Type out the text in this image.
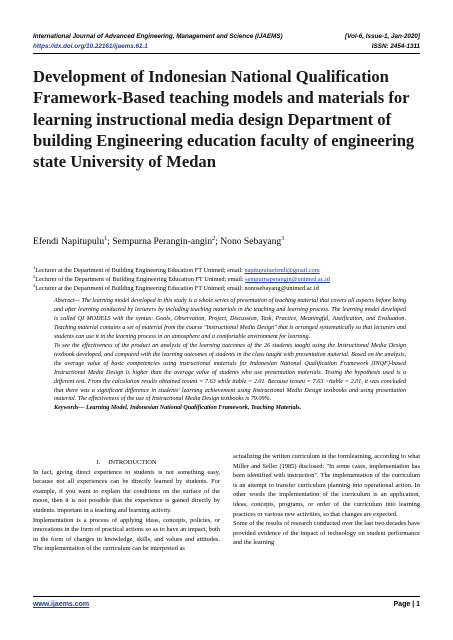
International Journal of Advanced Engineering, Management and Science (IJAEMS)	[Vol-6, Issue-1, Jan-2020]
https://dx.doi.org/10.22161/ijaems.61.1	ISSN: 2454-1311
Development of Indonesian National Qualification Framework-Based teaching models and materials for learning instructional media design Department of building Engineering education faculty of engineering state University of Medan
Efendi Napitupulu$^1$; Sempurna Perangin-angin$^2$; Nono Sebayang$^3$
$^1$Lecturer at the Department of Building Engineering Education FT Unimed; email: napitupuluefendi@gmail.com
$^2$Lecturer of the Department of Building Engineering Education FT Unimed; email: sempurnaperangin@unimed.ac.id
$^3$Lecturer at the Department of Building Engineering Education FT Unimed; email: nonosebayang@unimed.ac.id

Abstract— The learning model developed in this study is a whole series of presentation of teaching material that covers all aspects before being and after learning conducted by lecturers by including teaching materials in the teaching and learning process. The learning model developed is called QI MODELS with the syntax: Goals, Observation, Project, Discussion, Task, Practice, Meaningful, Justification, and Evaluation. Teaching material contains a set of material from the course "Instructional Media Design" that is arranged systematically so that lecturers and students can use it in the learning process in an atmosphere and a comfortable environment for learning.

To see the effectiveness of the product an analysis of the learning outcomes of the 26 students taught using the Instructional Media Design textbook developed, and compared with the learning outcomes of students in the class taught with presentation material. Based on the analysis, the average value of basic competencies using instructional materials for Indonesian National Qualification Framework (INQF)-based Instructional Media Design is higher than the average value of students who use presentation materials. Testing the hypothesis used is a different test. From the calculation results obtained tcount = 7.63 while ttable = 2.01. Because tcount = 7.63 >ttable = 2.01, it was concluded that there was a significant difference in students' learning achievement using Instructional Media Design textbooks and using presentation material. The effectiveness of the use of Instructional Media Design textbooks is 79.09%.

Keywords— Learning Model, Indonesian National Qualification Framework, Teaching Materials.

I. INTRODUCTION

In fact, giving direct experience to students is not something easy, because not all experiences can be directly learned by students. For example, if you want to explain the conditions on the surface of the moon, then it is not possible that the experience is gained directly by students. important in a teaching and learning activity.

Implementation is a process of applying ideas, concepts, policies, or innovations in the form of practical actions so as to have an impact, both in the form of changes in knowledge, skills, and values and attitudes. The implementation of the curriculum can be interpreted as

actualizing the written curriculum in the formlearning, according to what Miller and Seller (1985) disclosed: "In some cases, implementation has been identified with instruction". The implementation of the curriculum is an attempt to transfer curriculum planning into operational action. In other words the implementation of the curriculum is an application, ideas, concepts, programs, or order of the curriculum into learning practices or various new activities, so that changes are expected.

Some of the results of research conducted over the last two decades have provided evidence of the impact of technology on student performance and the learning

www.ijaems.com	Page | 1
